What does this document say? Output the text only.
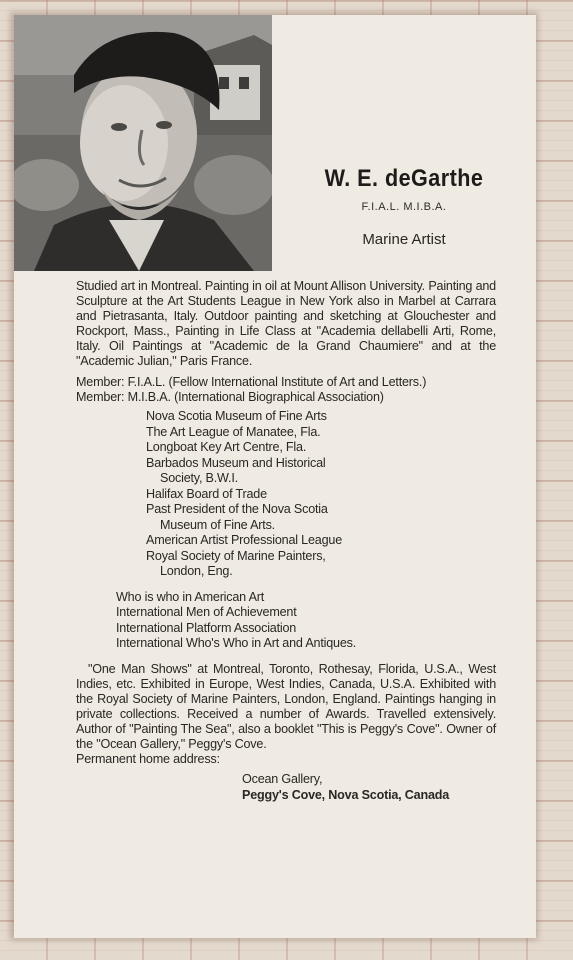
W. E. deGarthe
F.I.A.L. M.I.B.A.
Marine Artist

Studied art in Montreal. Painting in oil at Mount Allison University. Painting and Sculpture at the Art Students League in New York also in Marbel at Carrara and Pietrasanta, Italy. Outdoor painting and sketching at Glouchester and Rockport, Mass., Painting in Life Class at "Academia dellabelli Arti, Rome, Italy. Oil Paintings at "Academic de la Grand Chaumiere" and at the "Academic Julian," Paris France.

Member: F.I.A.L. (Fellow International Institute of Art and Letters.)

Member: M.I.B.A. (International Biographical Association)

Nova Scotia Museum of Fine Arts
The Art League of Manatee, Fla.
Longboat Key Art Centre, Fla.
Barbados Museum and Historical
Society, B.W.I.
Halifax Board of Trade
Past President of the Nova Scotia
Museum of Fine Arts.
American Artist Professional League
Royal Society of Marine Painters,
London, Eng.
Who is who in American Art
International Men of Achievement
International Platform Association
International Who's Who in Art and Antiques.

"One Man Shows" at Montreal, Toronto, Rothesay, Florida, U.S.A., West Indies, etc. Exhibited in Europe, West Indies, Canada, U.S.A. Exhibited with the Royal Society of Marine Painters, London, England. Paintings hanging in private collections. Received a number of Awards. Travelled extensively. Author of "Painting The Sea", also a booklet "This is Peggy's Cove". Owner of the "Ocean Gallery," Peggy's Cove.

Permanent home address:

Ocean Gallery,
Peggy's Cove, Nova Scotia, Canada
